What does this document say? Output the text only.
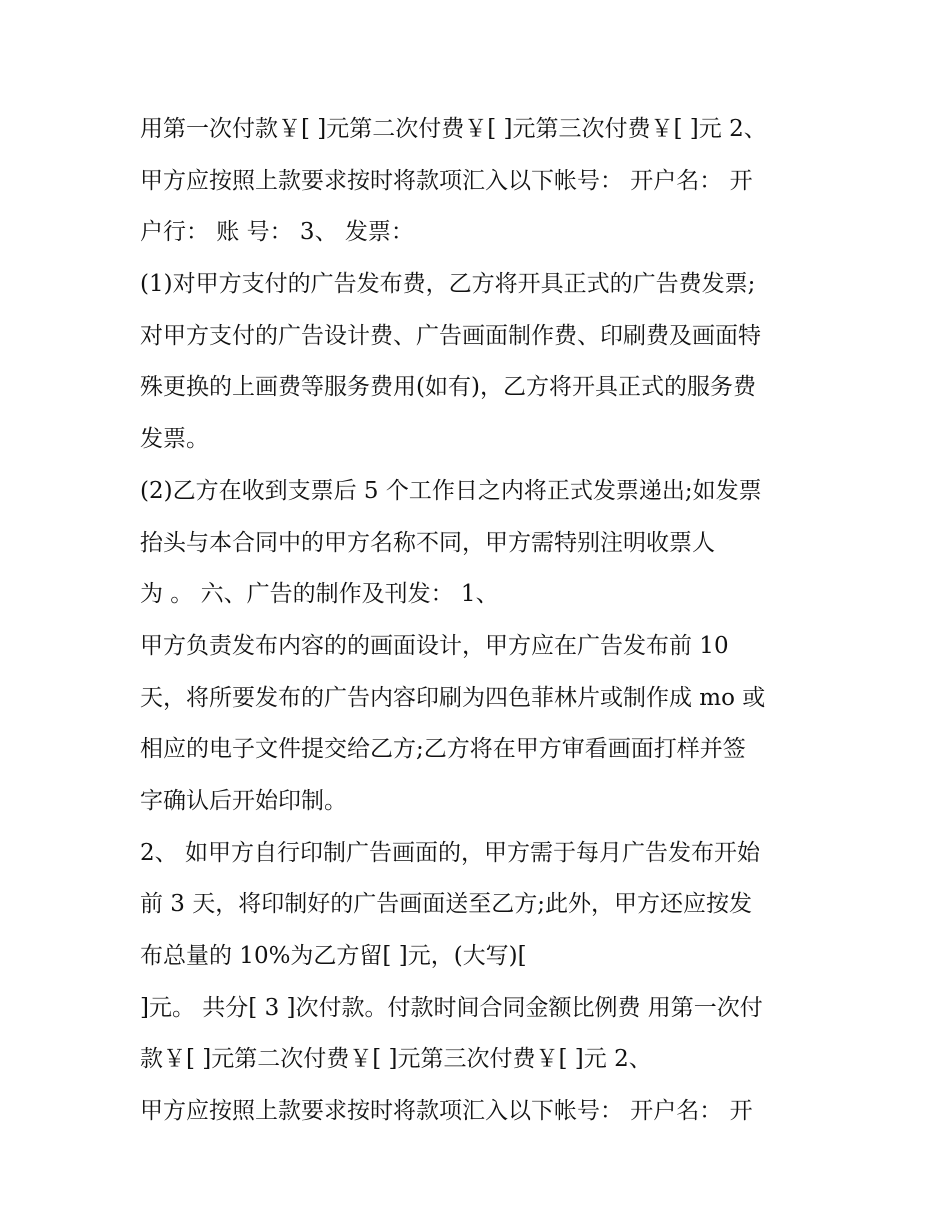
用第一次付款￥[ ]元第二次付费￥[ ]元第三次付费￥[ ]元 2、
甲方应按照上款要求按时将款项汇入以下帐号： 开户名： 开
户行： 账 号： 3、 发票：
(1)对甲方支付的广告发布费，乙方将开具正式的广告费发票;
对甲方支付的广告设计费、广告画面制作费、印刷费及画面特
殊更换的上画费等服务费用(如有)，乙方将开具正式的服务费
发票。
(2)乙方在收到支票后 5 个工作日之内将正式发票递出;如发票
抬头与本合同中的甲方名称不同，甲方需特别注明收票人
为 。 六、广告的制作及刊发： 1、
甲方负责发布内容的的画面设计，甲方应在广告发布前 10
天，将所要发布的广告内容印刷为四色菲林片或制作成 mo 或
相应的电子文件提交给乙方;乙方将在甲方审看画面打样并签
字确认后开始印制。
2、 如甲方自行印制广告画面的，甲方需于每月广告发布开始
前 3 天，将印制好的广告画面送至乙方;此外，甲方还应按发
布总量的 10%为乙方留[ ]元，(大写)[
]元。 共分[ 3 ]次付款。付款时间合同金额比例费 用第一次付
款￥[ ]元第二次付费￥[ ]元第三次付费￥[ ]元 2、
甲方应按照上款要求按时将款项汇入以下帐号： 开户名： 开
